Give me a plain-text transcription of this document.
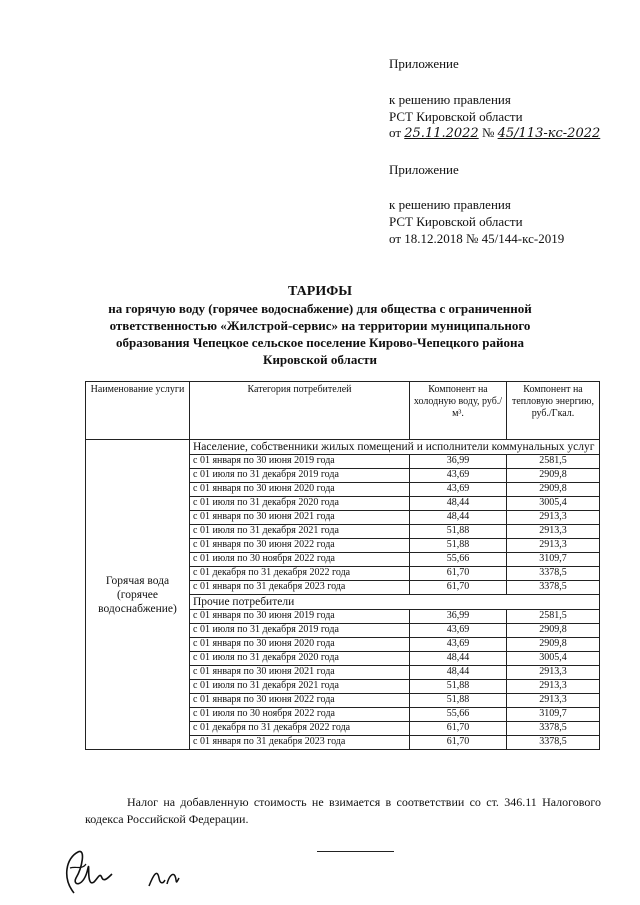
Приложение
к решению правления
РСТ Кировской области
от 25.11.2022 № 45/113-кс-2022
Приложение
к решению правления
РСТ Кировской области
от 18.12.2018 № 45/144-кс-2019
ТАРИФЫ
на горячую воду (горячее водоснабжение) для общества с ограниченной
ответственностью «Жилстрой-сервис» на территории муниципального
образования Чепецкое сельское поселение Кирово-Чепецкого района
Кировской области
Наименование услуги	Категория потребителей	Компонент на холодную воду, руб./м³.	Компонент на тепловую энергию, руб./Гкал.
Горячая вода (горячее водоснабжение)	Население, собственники жилых помещений и исполнители коммунальных услуг		
	с 01 января по 30 июня 2019 года	36,99	2581,5
	с 01 июля по 31 декабря 2019 года	43,69	2909,8
	с 01 января по 30 июня 2020 года	43,69	2909,8
	с 01 июля по 31 декабря 2020 года	48,44	3005,4
	с 01 января по 30 июня 2021 года	48,44	2913,3
	с 01 июля по 31 декабря 2021 года	51,88	2913,3
	с 01 января по 30 июня 2022 года	51,88	2913,3
	с 01 июля по 30 ноября 2022 года	55,66	3109,7
	с 01 декабря по 31 декабря 2022 года	61,70	3378,5
	с 01 января по 31 декабря 2023 года	61,70	3378,5
	Прочие потребители		
	с 01 января по 30 июня 2019 года	36,99	2581,5
	с 01 июля по 31 декабря 2019 года	43,69	2909,8
	с 01 января по 30 июня 2020 года	43,69	2909,8
	с 01 июля по 31 декабря 2020 года	48,44	3005,4
	с 01 января по 30 июня 2021 года	48,44	2913,3
	с 01 июля по 31 декабря 2021 года	51,88	2913,3
	с 01 января по 30 июня 2022 года	51,88	2913,3
	с 01 июля по 30 ноября 2022 года	55,66	3109,7
	с 01 декабря по 31 декабря 2022 года	61,70	3378,5
	с 01 января по 31 декабря 2023 года	61,70	3378,5
Налог на добавленную стоимость не взимается в соответствии со ст. 346.11 Налогового кодекса Российской Федерации.
